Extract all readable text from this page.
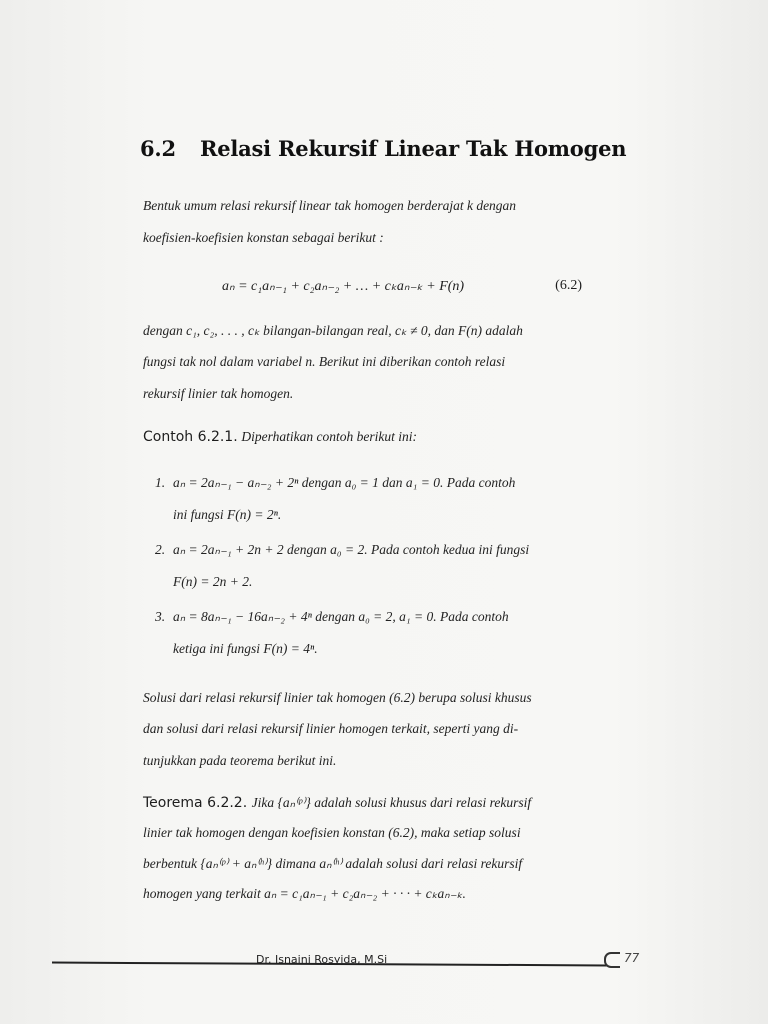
6.2 Relasi Rekursif Linear Tak Homogen
Bentuk umum relasi rekursif linear tak homogen berderajat k dengan
koefisien-koefisien konstan sebagai berikut :
aₙ = c₁aₙ₋₁ + c₂aₙ₋₂ + … + cₖaₙ₋ₖ + F(n)	(6.2)
dengan c₁, c₂, . . . , cₖ bilangan-bilangan real, cₖ ≠ 0, dan F(n) adalah
fungsi tak nol dalam variabel n. Berikut ini diberikan contoh relasi
rekursif linier tak homogen.
Contoh 6.2.1. Diperhatikan contoh berikut ini:
1. aₙ = 2aₙ₋₁ − aₙ₋₂ + 2ⁿ dengan a₀ = 1 dan a₁ = 0. Pada contoh
ini fungsi F(n) = 2ⁿ.
2. aₙ = 2aₙ₋₁ + 2n + 2 dengan a₀ = 2. Pada contoh kedua ini fungsi
F(n) = 2n + 2.
3. aₙ = 8aₙ₋₁ − 16aₙ₋₂ + 4ⁿ dengan a₀ = 2, a₁ = 0. Pada contoh
ketiga ini fungsi F(n) = 4ⁿ.
Solusi dari relasi rekursif linier tak homogen (6.2) berupa solusi khusus
dan solusi dari relasi rekursif linier homogen terkait, seperti yang di-
tunjukkan pada teorema berikut ini.
Teorema 6.2.2. Jika {aₙ⁽ᵖ⁾} adalah solusi khusus dari relasi rekursif
linier tak homogen dengan koefisien konstan (6.2), maka setiap solusi
berbentuk {aₙ⁽ᵖ⁾ + aₙ⁽ʰ⁾} dimana aₙ⁽ʰ⁾ adalah solusi dari relasi rekursif
homogen yang terkait aₙ = c₁aₙ₋₁ + c₂aₙ₋₂ + · · · + cₖaₙ₋ₖ.
Dr. Isnaini Rosyida, M.Si	77
